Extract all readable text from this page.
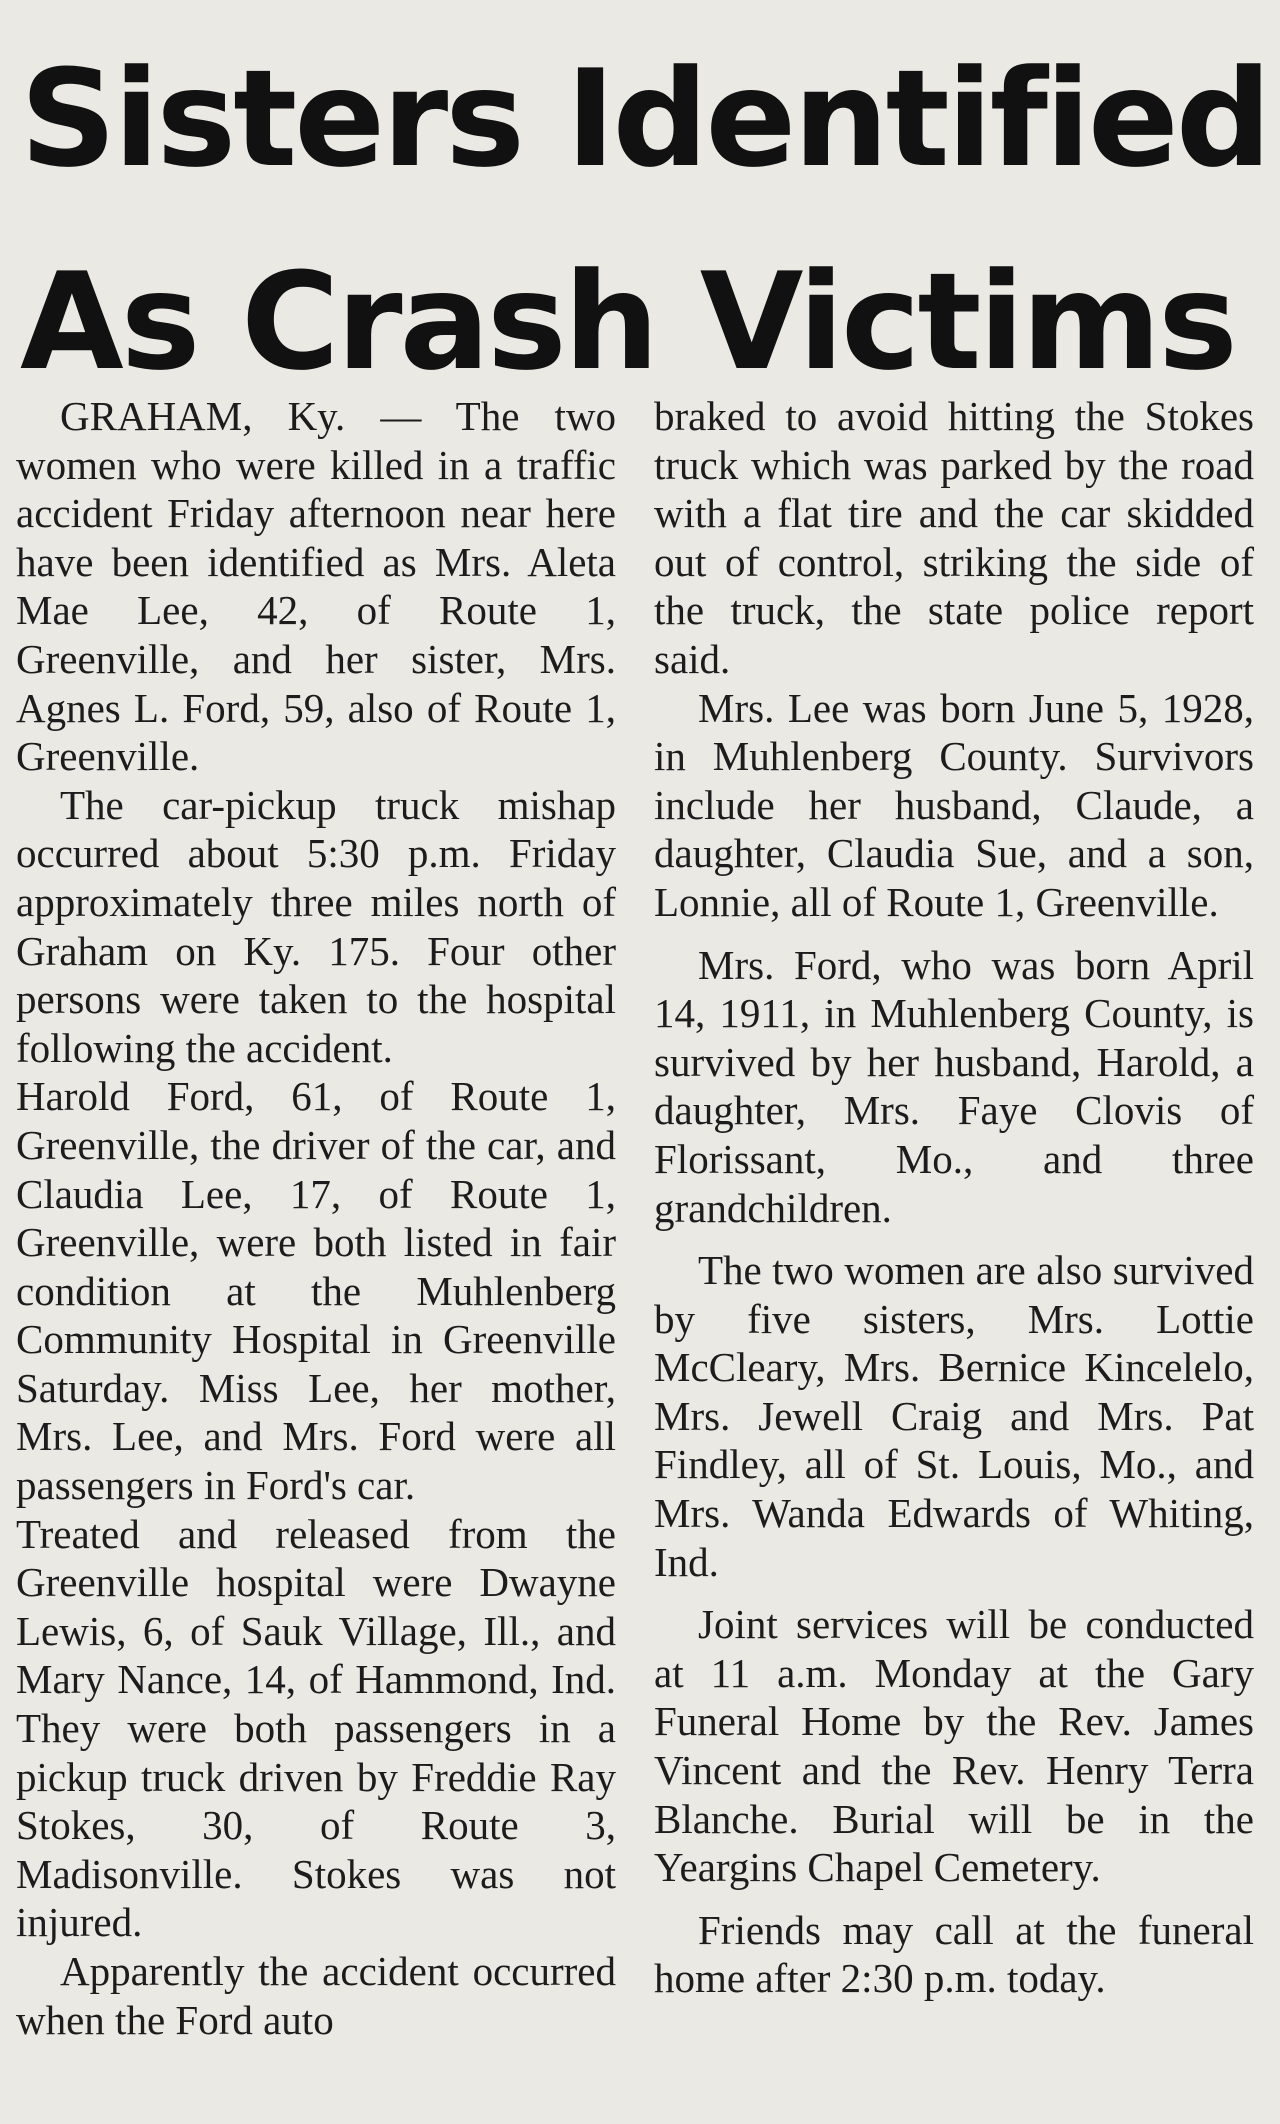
Sisters Identified
As Crash Victims

GRAHAM, Ky. — The two women who were killed in a traffic accident Friday afternoon near here have been identified as Mrs. Aleta Mae Lee, 42, of Route 1, Greenville, and her sister, Mrs. Agnes L. Ford, 59, also of Route 1, Greenville.

The car-pickup truck mishap occurred about 5:30 p.m. Friday approximately three miles north of Graham on Ky. 175. Four other persons were taken to the hospital following the accident.

Harold Ford, 61, of Route 1, Greenville, the driver of the car, and Claudia Lee, 17, of Route 1, Greenville, were both listed in fair condition at the Muhlenberg Community Hospital in Greenville Saturday. Miss Lee, her mother, Mrs. Lee, and Mrs. Ford were all passengers in Ford's car.

Treated and released from the Greenville hospital were Dwayne Lewis, 6, of Sauk Village, Ill., and Mary Nance, 14, of Hammond, Ind. They were both passengers in a pickup truck driven by Freddie Ray Stokes, 30, of Route 3, Madisonville. Stokes was not injured.

Apparently the accident occurred when the Ford auto

braked to avoid hitting the Stokes truck which was parked by the road with a flat tire and the car skidded out of control, striking the side of the truck, the state police report said.

Mrs. Lee was born June 5, 1928, in Muhlenberg County. Survivors include her husband, Claude, a daughter, Claudia Sue, and a son, Lonnie, all of Route 1, Greenville.

Mrs. Ford, who was born April 14, 1911, in Muhlenberg County, is survived by her husband, Harold, a daughter, Mrs. Faye Clovis of Florissant, Mo., and three grandchildren.

The two women are also survived by five sisters, Mrs. Lottie McCleary, Mrs. Bernice Kincelelo, Mrs. Jewell Craig and Mrs. Pat Findley, all of St. Louis, Mo., and Mrs. Wanda Edwards of Whiting, Ind.

Joint services will be conducted at 11 a.m. Monday at the Gary Funeral Home by the Rev. James Vincent and the Rev. Henry Terra Blanche. Burial will be in the Yeargins Chapel Cemetery.

Friends may call at the funeral home after 2:30 p.m. today.
